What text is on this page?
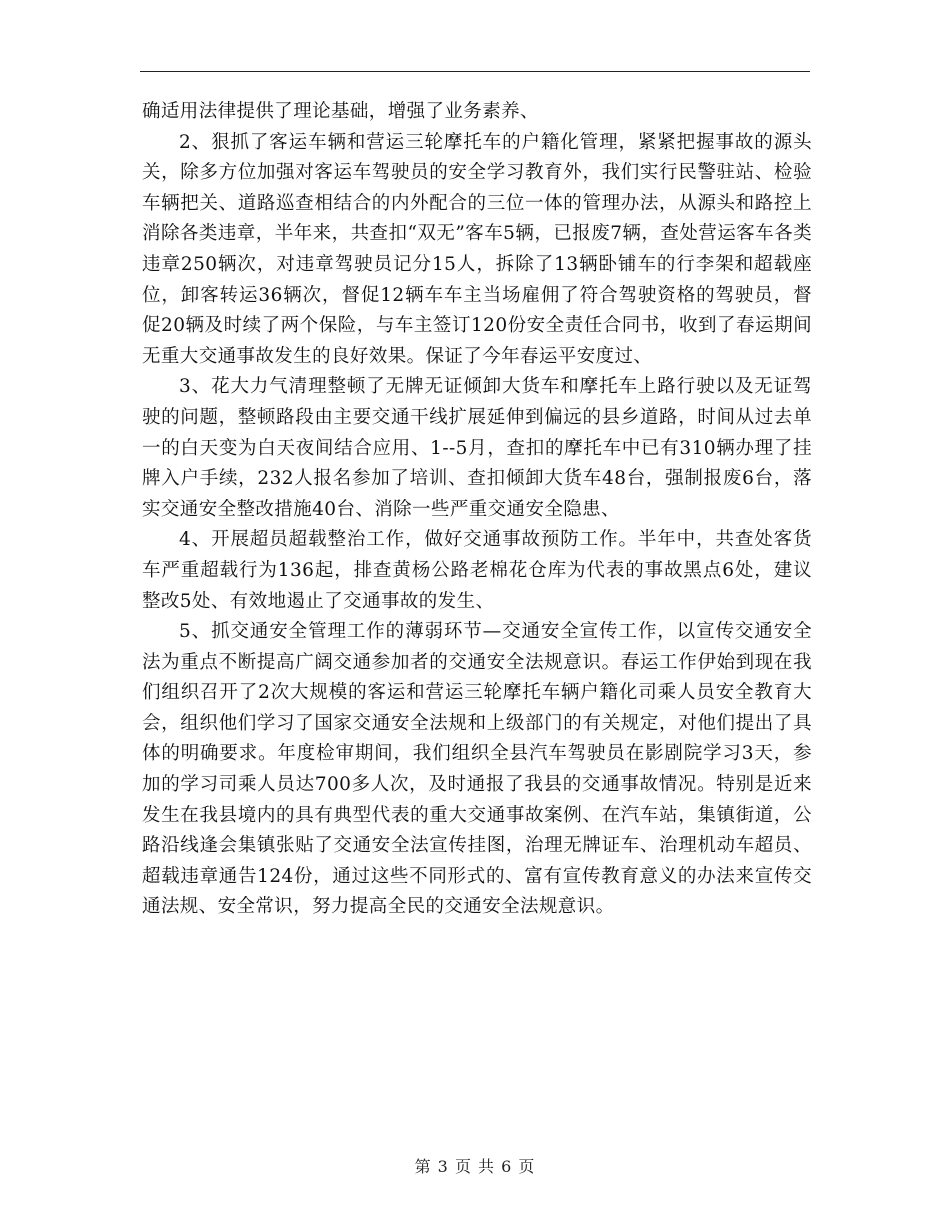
确适用法律提供了理论基础，增强了业务素养、

2、狠抓了客运车辆和营运三轮摩托车的户籍化管理，紧紧把握事故的源头关，除多方位加强对客运车驾驶员的安全学习教育外，我们实行民警驻站、检验车辆把关、道路巡查相结合的内外配合的三位一体的管理办法，从源头和路控上消除各类违章，半年来，共查扣“双无”客车5辆，已报废7辆，查处营运客车各类违章250辆次，对违章驾驶员记分15人，拆除了13辆卧铺车的行李架和超载座位，卸客转运36辆次，督促12辆车车主当场雇佣了符合驾驶资格的驾驶员，督促20辆及时续了两个保险，与车主签订120份安全责任合同书，收到了春运期间无重大交通事故发生的良好效果。保证了今年春运平安度过、

3、花大力气清理整顿了无牌无证倾卸大货车和摩托车上路行驶以及无证驾驶的问题，整顿路段由主要交通干线扩展延伸到偏远的县乡道路，时间从过去单一的白天变为白天夜间结合应用、1--5月，查扣的摩托车中已有310辆办理了挂牌入户手续，232人报名参加了培训、查扣倾卸大货车48台，强制报废6台，落实交通安全整改措施40台、消除一些严重交通安全隐患、

4、开展超员超载整治工作，做好交通事故预防工作。半年中，共查处客货车严重超载行为136起，排查黄杨公路老棉花仓库为代表的事故黑点6处，建议整改5处、有效地遏止了交通事故的发生、

5、抓交通安全管理工作的薄弱环节—交通安全宣传工作，以宣传交通安全法为重点不断提高广阔交通参加者的交通安全法规意识。春运工作伊始到现在我们组织召开了2次大规模的客运和营运三轮摩托车辆户籍化司乘人员安全教育大会，组织他们学习了国家交通安全法规和上级部门的有关规定，对他们提出了具体的明确要求。年度检审期间，我们组织全县汽车驾驶员在影剧院学习3天，参加的学习司乘人员达700多人次，及时通报了我县的交通事故情况。特别是近来发生在我县境内的具有典型代表的重大交通事故案例、在汽车站，集镇街道，公路沿线逢会集镇张贴了交通安全法宣传挂图，治理无牌证车、治理机动车超员、超载违章通告124份，通过这些不同形式的、富有宣传教育意义的办法来宣传交通法规、安全常识，努力提高全民的交通安全法规意识。

第 3 页 共 6 页
